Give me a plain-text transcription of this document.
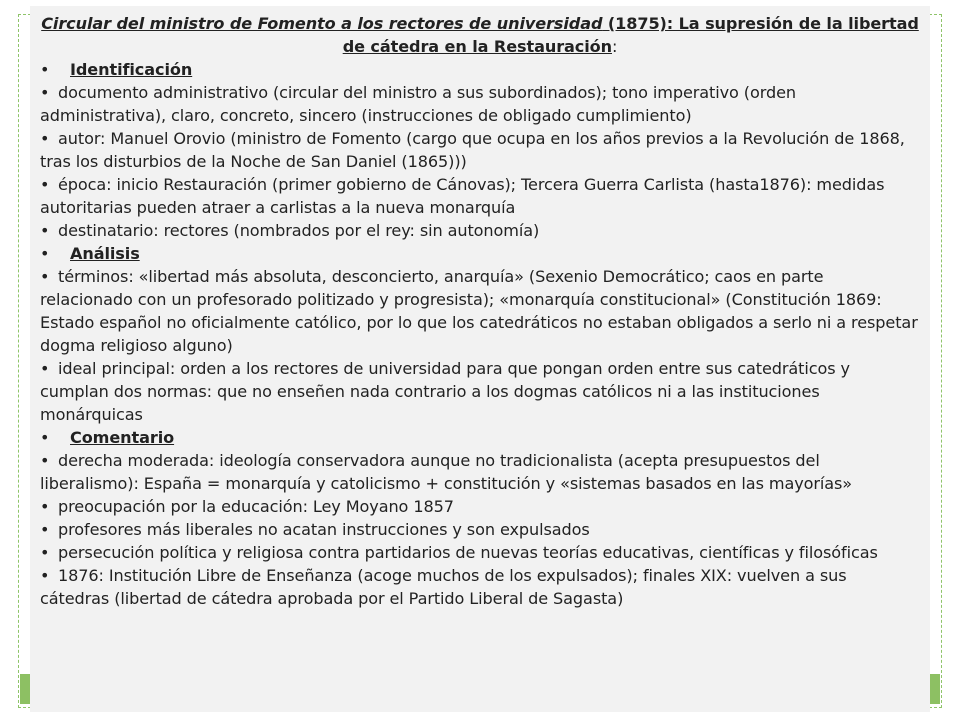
Circular del ministro de Fomento a los rectores de universidad (1875): La supresión de la libertad de cátedra en la Restauración:

• Identificación

• documento administrativo (circular del ministro a sus subordinados); tono imperativo (orden administrativa), claro, concreto, sincero (instrucciones de obligado cumplimiento)

• autor: Manuel Orovio (ministro de Fomento (cargo que ocupa en los años previos a la Revolución de 1868, tras los disturbios de la Noche de San Daniel (1865)))

• época: inicio Restauración (primer gobierno de Cánovas); Tercera Guerra Carlista (hasta1876): medidas autoritarias pueden atraer a carlistas a la nueva monarquía

• destinatario: rectores (nombrados por el rey: sin autonomía)

• Análisis

• términos: «libertad más absoluta, desconcierto, anarquía» (Sexenio Democrático; caos en parte relacionado con un profesorado politizado y progresista); «monarquía constitucional» (Constitución 1869: Estado español no oficialmente católico, por lo que los catedráticos no estaban obligados a serlo ni a respetar dogma religioso alguno)

• ideal principal: orden a los rectores de universidad para que pongan orden entre sus catedráticos y cumplan dos normas: que no enseñen nada contrario a los dogmas católicos ni a las instituciones monárquicas

• Comentario

• derecha moderada: ideología conservadora aunque no tradicionalista (acepta presupuestos del liberalismo): España = monarquía y catolicismo + constitución y «sistemas basados en las mayorías»

• preocupación por la educación: Ley Moyano 1857

• profesores más liberales no acatan instrucciones y son expulsados

• persecución política y religiosa contra partidarios de nuevas teorías educativas, científicas y filosóficas

• 1876: Institución Libre de Enseñanza (acoge muchos de los expulsados); finales XIX: vuelven a sus cátedras (libertad de cátedra aprobada por el Partido Liberal de Sagasta)
